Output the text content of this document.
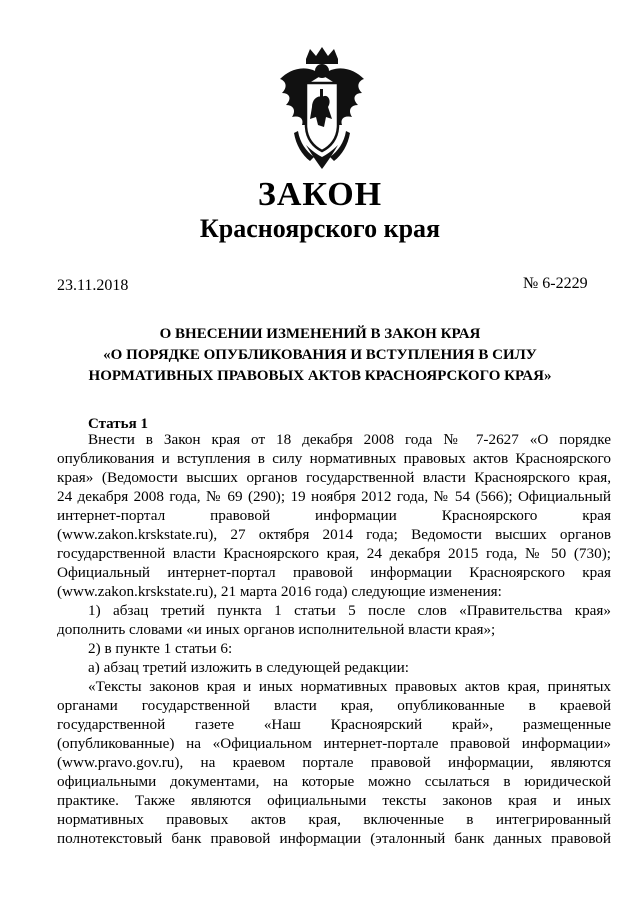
ЗАКОН
Красноярского края
23.11.2018	№ 6-2229
О ВНЕСЕНИИ ИЗМЕНЕНИЙ В ЗАКОН КРАЯ
«О ПОРЯДКЕ ОПУБЛИКОВАНИЯ И ВСТУПЛЕНИЯ В СИЛУ
НОРМАТИВНЫХ ПРАВОВЫХ АКТОВ КРАСНОЯРСКОГО КРАЯ»
Статья 1
Внести в Закон края от 18 декабря 2008 года № 7-2627 «О порядке
опубликования и вступления в силу нормативных правовых актов Красноярского
края» (Ведомости высших органов государственной власти Красноярского края,
24 декабря 2008 года, № 69 (290); 19 ноября 2012 года, № 54 (566); Официальный
интернет-портал правовой информации Красноярского края
(www.zakon.krskstate.ru), 27 октября 2014 года; Ведомости высших органов
государственной власти Красноярского края, 24 декабря 2015 года, № 50 (730);
Официальный интернет-портал правовой информации Красноярского края
(www.zakon.krskstate.ru), 21 марта 2016 года) следующие изменения:
1) абзац третий пункта 1 статьи 5 после слов «Правительства края»
дополнить словами «и иных органов исполнительной власти края»;
2) в пункте 1 статьи 6:
а) абзац третий изложить в следующей редакции:
«Тексты законов края и иных нормативных правовых актов края, принятых
органами государственной власти края, опубликованные в краевой
государственной газете «Наш Красноярский край», размещенные
(опубликованные) на «Официальном интернет-портале правовой информации»
(www.pravo.gov.ru), на краевом портале правовой информации, являются
официальными документами, на которые можно ссылаться в юридической
практике. Также являются официальными тексты законов края и иных
нормативных правовых актов края, включенные в интегрированный
полнотекстовый банк правовой информации (эталонный банк данных правовой
